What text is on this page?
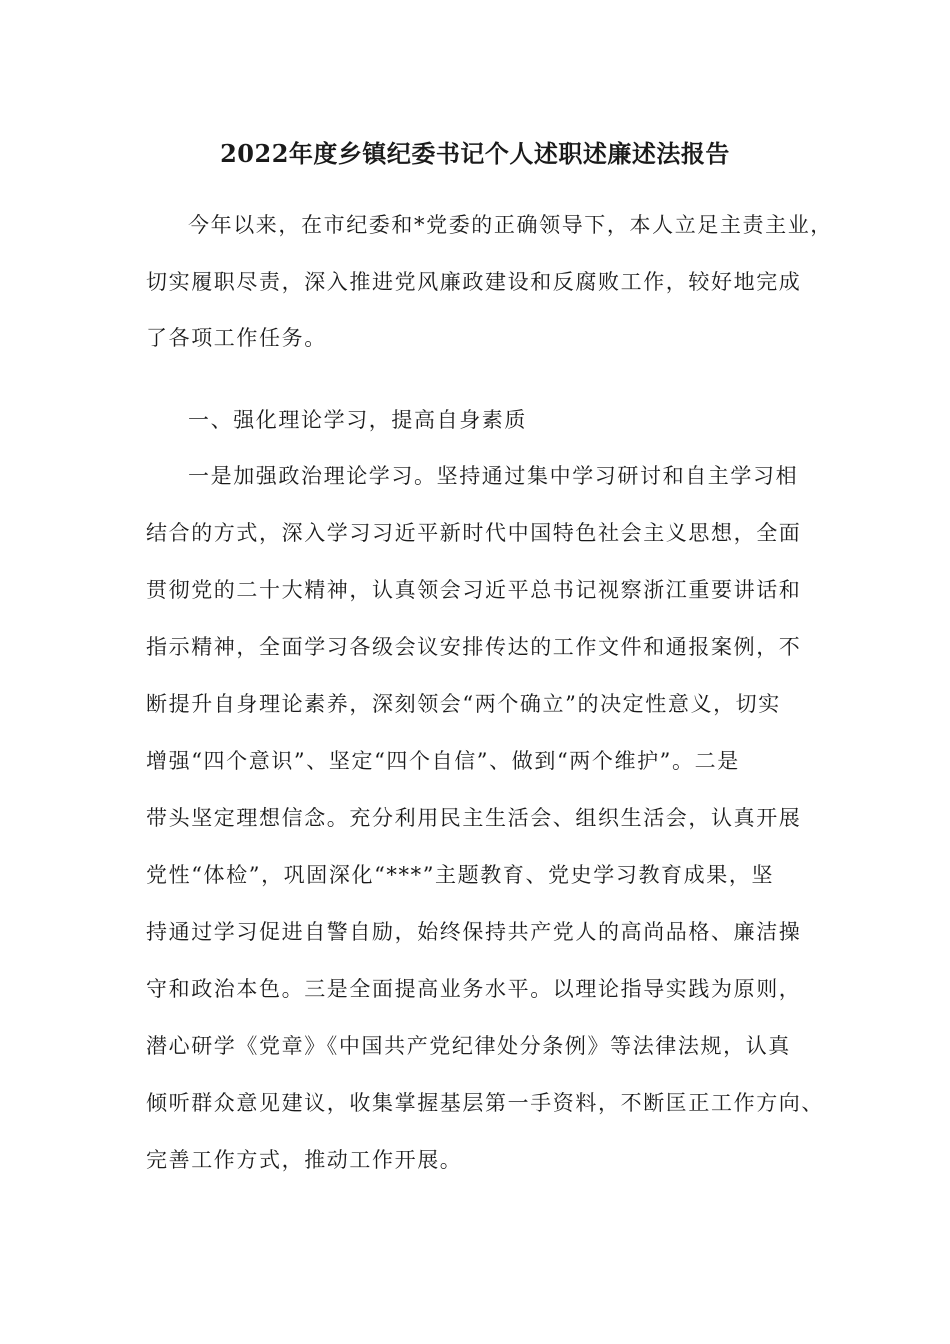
2022年度乡镇纪委书记个人述职述廉述法报告
今年以来，在市纪委和*党委的正确领导下，本人立足主责主业，
切实履职尽责，深入推进党风廉政建设和反腐败工作，较好地完成
了各项工作任务。
一、强化理论学习，提高自身素质
一是加强政治理论学习。坚持通过集中学习研讨和自主学习相
结合的方式，深入学习习近平新时代中国特色社会主义思想，全面
贯彻党的二十大精神，认真领会习近平总书记视察浙江重要讲话和
指示精神，全面学习各级会议安排传达的工作文件和通报案例，不
断提升自身理论素养，深刻领会“两个确立”的决定性意义，切实
增强“四个意识”、坚定“四个自信”、做到“两个维护”。二是
带头坚定理想信念。充分利用民主生活会、组织生活会，认真开展
党性“体检”，巩固深化“***”主题教育、党史学习教育成果，坚
持通过学习促进自警自励，始终保持共产党人的高尚品格、廉洁操
守和政治本色。三是全面提高业务水平。以理论指导实践为原则，
潜心研学《党章》《中国共产党纪律处分条例》等法律法规，认真
倾听群众意见建议，收集掌握基层第一手资料，不断匡正工作方向、
完善工作方式，推动工作开展。
